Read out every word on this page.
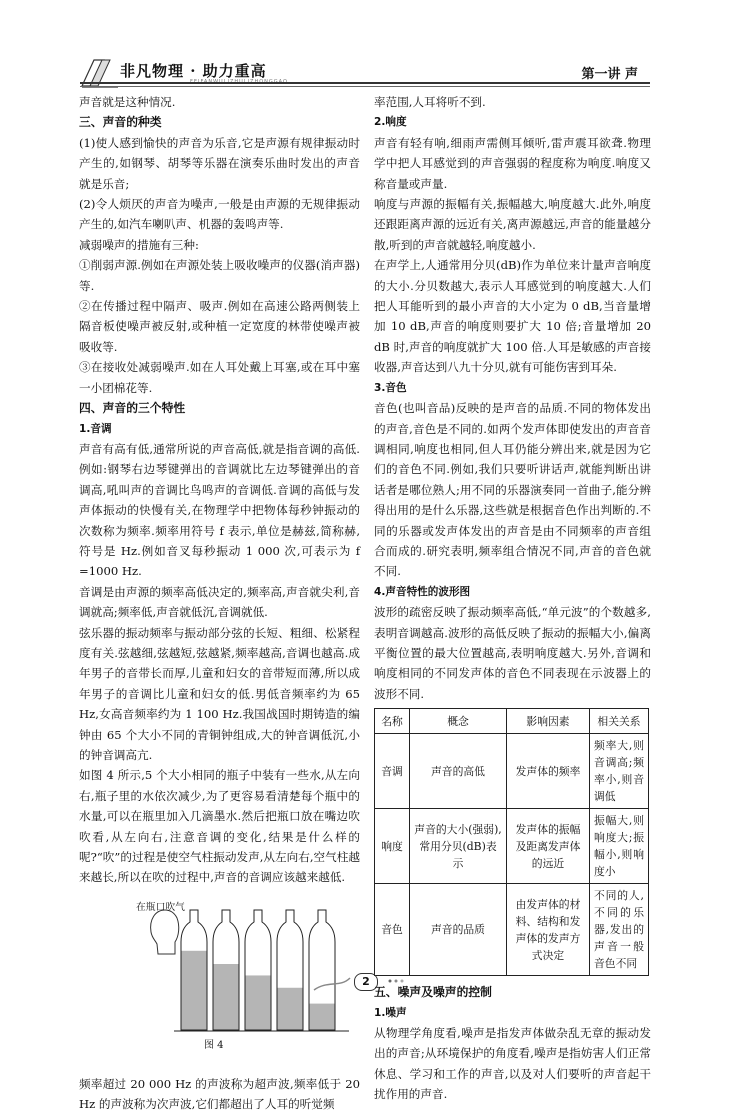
非凡物理 · 助力重高	第一讲 声

声音就是这种情况.

三、声音的种类

(1)使人感到愉快的声音为乐音,它是声源有规律振动时产生的,如钢琴、胡琴等乐器在演奏乐曲时发出的声音就是乐音;

(2)令人烦厌的声音为噪声,一般是由声源的无规律振动产生的,如汽车喇叭声、机器的轰鸣声等.

减弱噪声的措施有三种:

①削弱声源.例如在声源处装上吸收噪声的仪器(消声器)等.

②在传播过程中隔声、吸声.例如在高速公路两侧装上隔音板使噪声被反射,或种植一定宽度的林带使噪声被吸收等.

③在接收处减弱噪声.如在人耳处戴上耳塞,或在耳中塞一小团棉花等.

四、声音的三个特性

1.音调

声音有高有低,通常所说的声音高低,就是指音调的高低.例如:钢琴右边琴键弹出的音调就比左边琴键弹出的音调高,吼叫声的音调比鸟鸣声的音调低.音调的高低与发声体振动的快慢有关,在物理学中把物体每秒钟振动的次数称为频率.频率用符号 f 表示,单位是赫兹,简称赫,符号是 Hz.例如音叉每秒振动 1 000 次,可表示为 f =1000 Hz.

音调是由声源的频率高低决定的,频率高,声音就尖利,音调就高;频率低,声音就低沉,音调就低.

弦乐器的振动频率与振动部分弦的长短、粗细、松紧程度有关.弦越细,弦越短,弦越紧,频率越高,音调也越高.成年男子的音带长而厚,儿童和妇女的音带短而薄,所以成年男子的音调比儿童和妇女的低.男低音频率约为 65 Hz,女高音频率约为 1 100 Hz.我国战国时期铸造的编钟由 65 个大小不同的青铜钟组成,大的钟音调低沉,小的钟音调高亢.

如图 4 所示,5 个大小相同的瓶子中装有一些水,从左向右,瓶子里的水依次减少,为了更容易看清楚每个瓶中的水量,可以在瓶里加入几滴墨水.然后把瓶口放在嘴边吹吹看,从左向右,注意音调的变化,结果是什么样的呢?“吹”的过程是使空气柱振动发声,从左向右,空气柱越来越长,所以在吹的过程中,声音的音调应该越来越低.

在瓶口吹气
图 4

频率超过 20 000 Hz 的声波称为超声波,频率低于 20 Hz 的声波称为次声波,它们都超出了人耳的听觉频

率范围,人耳将听不到.

2.响度

声音有轻有响,细雨声需侧耳倾听,雷声震耳欲聋.物理学中把人耳感觉到的声音强弱的程度称为响度.响度又称音量或声量.

响度与声源的振幅有关,振幅越大,响度越大.此外,响度还跟距离声源的远近有关,离声源越远,声音的能量越分散,听到的声音就越轻,响度越小.

在声学上,人通常用分贝(dB)作为单位来计量声音响度的大小.分贝数越大,表示人耳感觉到的响度越大.人们把人耳能听到的最小声音的大小定为 0 dB,当音量增加 10 dB,声音的响度则要扩大 10 倍;音量增加 20 dB 时,声音的响度就扩大 100 倍.人耳是敏感的声音接收器,声音达到八九十分贝,就有可能伤害到耳朵.

3.音色

音色(也叫音品)反映的是声音的品质.不同的物体发出的声音,音色是不同的.如两个发声体即使发出的声音音调相同,响度也相同,但人耳仍能分辨出来,就是因为它们的音色不同.例如,我们只要听讲话声,就能判断出讲话者是哪位熟人;用不同的乐器演奏同一首曲子,能分辨得出用的是什么乐器,这些就是根据音色作出判断的.不同的乐器或发声体发出的声音是由不同频率的声音组合而成的.研究表明,频率组合情况不同,声音的音色就不同.

4.声音特性的波形图

波形的疏密反映了振动频率高低,“单元波”的个数越多,表明音调越高.波形的高低反映了振动的振幅大小,偏离平衡位置的最大位置越高,表明响度越大.另外,音调和响度相同的不同发声体的音色不同表现在示波器上的波形不同.

名称	概念	影响因素	相关关系
音调	声音的高低	发声体的频率	频率大,则音调高;频率小,则音调低
响度	声音的大小(强弱),常用分贝(dB)表示	发声体的振幅及距离发声体的远近	振幅大,则响度大;振幅小,则响度小
音色	声音的品质	由发声体的材料、结构和发声体的发声方式决定	不同的人,不同的乐器,发出的声音一般音色不同

五、噪声及噪声的控制

1.噪声

从物理学角度看,噪声是指发声体做杂乱无章的振动发出的声音;从环境保护的角度看,噪声是指妨害人们正常休息、学习和工作的声音,以及对人们要听的声音起干扰作用的声音.

2
